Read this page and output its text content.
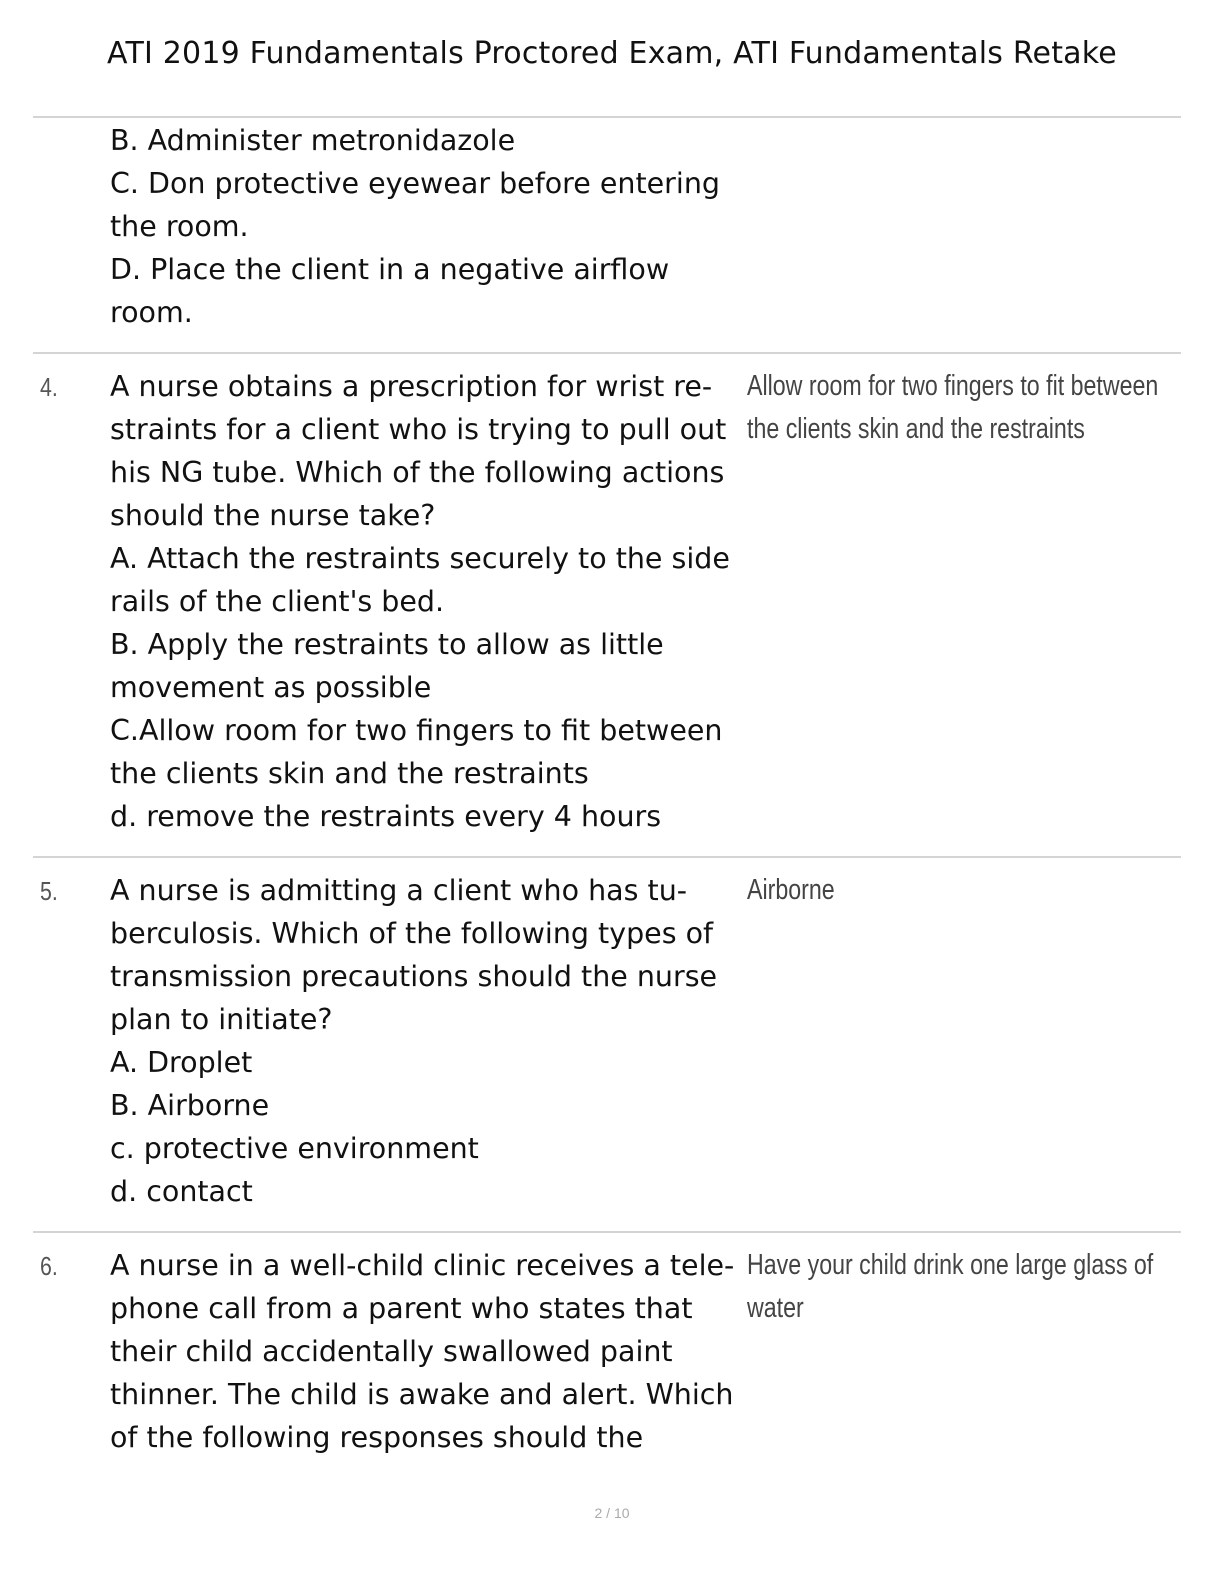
ATI 2019 Fundamentals Proctored Exam, ATI Fundamentals Retake
B. Administer metronidazole
C. Don protective eyewear before entering
the room.
D. Place the client in a negative airflow
room.
4. A nurse obtains a prescription for wrist re-
straints for a client who is trying to pull out
his NG tube. Which of the following actions
should the nurse take?
A. Attach the restraints securely to the side
rails of the client's bed.
B. Apply the restraints to allow as little
movement as possible
C.Allow room for two fingers to fit between
the clients skin and the restraints
d. remove the restraints every 4 hours
Allow room for two fingers to fit between
the clients skin and the restraints
5. A nurse is admitting a client who has tu-
berculosis. Which of the following types of
transmission precautions should the nurse
plan to initiate?
A. Droplet
B. Airborne
c. protective environment
d. contact
Airborne
6. A nurse in a well-child clinic receives a tele-
phone call from a parent who states that
their child accidentally swallowed paint
thinner. The child is awake and alert. Which
of the following responses should the
Have your child drink one large glass of
water
2 / 10
